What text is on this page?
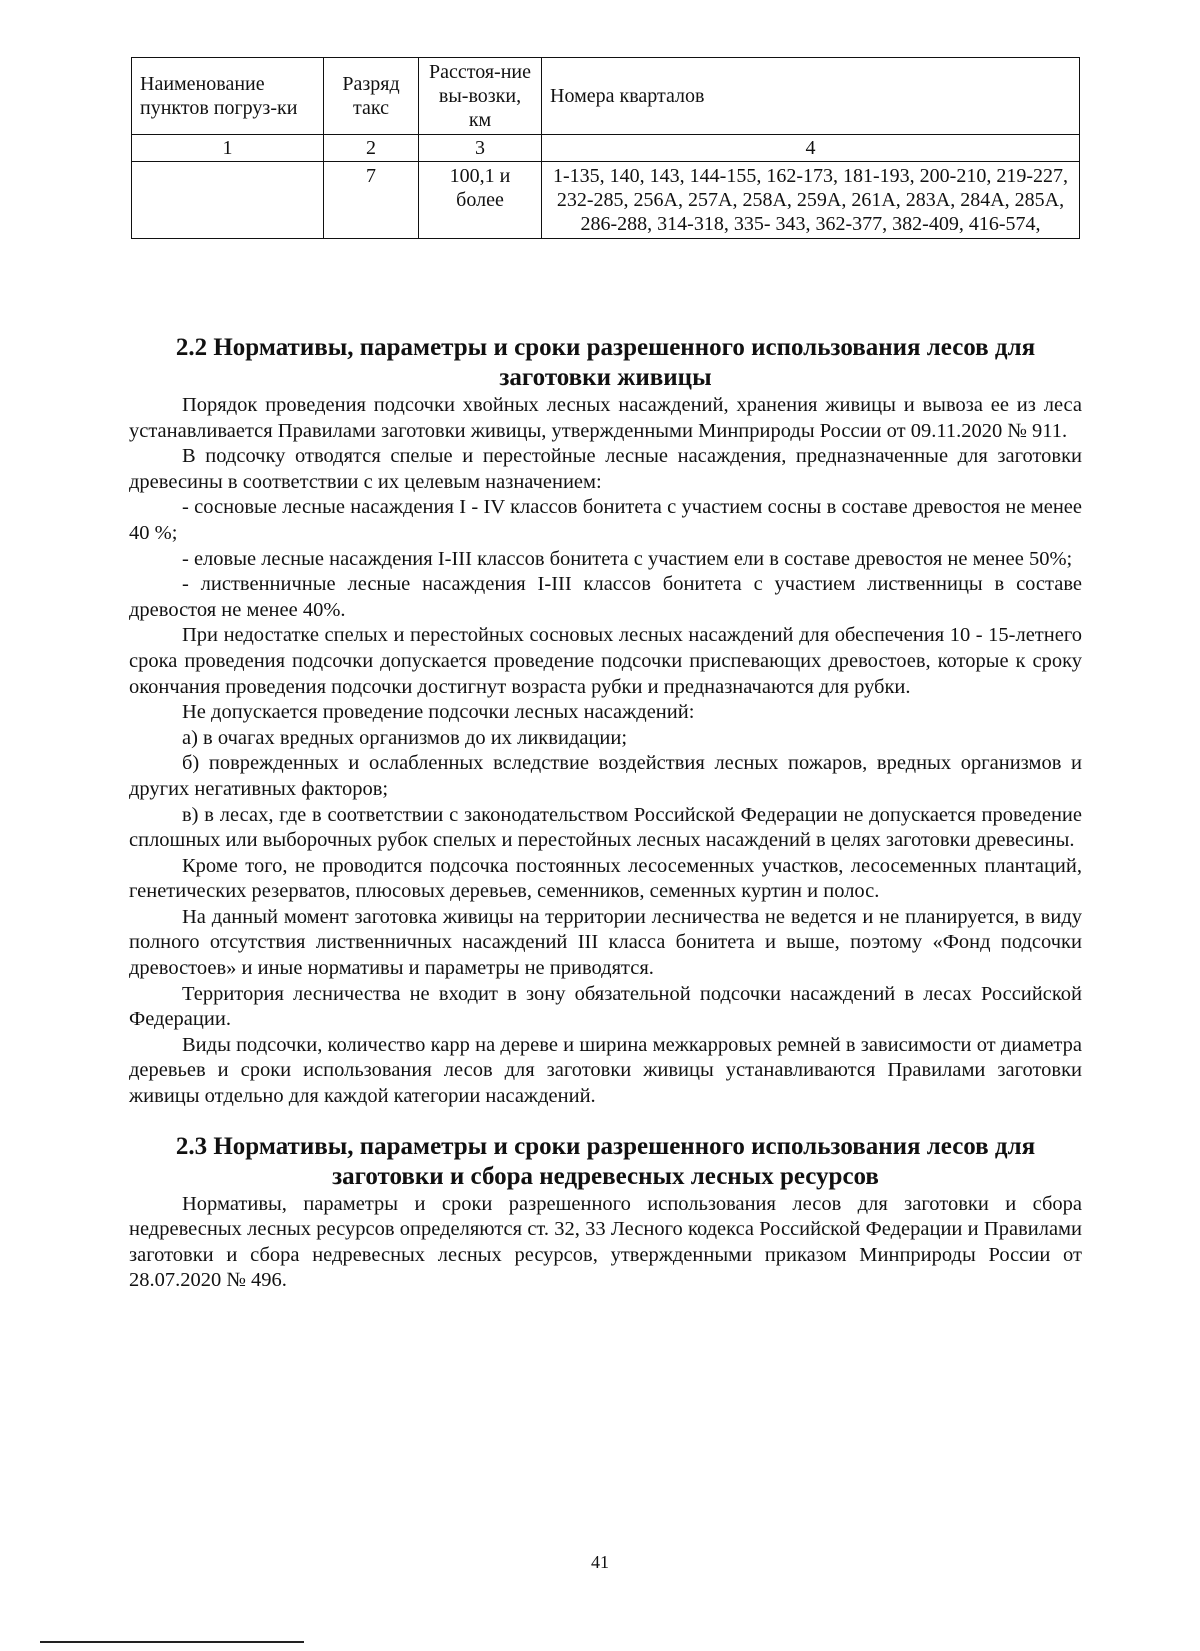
Наименование пунктов погруз-ки	Разряд такс	Расстоя-ние вы-возки, км	Номера кварталов
1	2	3	4
	7	100,1 и более	1-135, 140, 143, 144-155, 162-173, 181-193, 200-210, 219-227, 232-285, 256А, 257А, 258А, 259А, 261А, 283А, 284А, 285А, 286-288, 314-318, 335- 343, 362-377, 382-409, 416-574,
2.2 Нормативы, параметры и сроки разрешенного использования лесов для заготовки живицы

Порядок проведения подсочки хвойных лесных насаждений, хранения живицы и вывоза ее из леса устанавливается Правилами заготовки живицы, утвержденными Минприроды России от 09.11.2020 № 911.

В подсочку отводятся спелые и перестойные лесные насаждения, предназначенные для заготовки древесины в соответствии с их целевым назначением:

- сосновые лесные насаждения I - IV классов бонитета с участием сосны в составе древостоя не менее 40 %;

- еловые лесные насаждения I-III классов бонитета с участием ели в составе древостоя не менее 50%;

- лиственничные лесные насаждения I-III классов бонитета с участием лиственницы в составе древостоя не менее 40%.

При недостатке спелых и перестойных сосновых лесных насаждений для обеспечения 10 - 15-летнего срока проведения подсочки допускается проведение подсочки приспевающих древостоев, которые к сроку окончания проведения подсочки достигнут возраста рубки и предназначаются для рубки.

Не допускается проведение подсочки лесных насаждений:

а) в очагах вредных организмов до их ликвидации;

б) поврежденных и ослабленных вследствие воздействия лесных пожаров, вредных организмов и других негативных факторов;

в) в лесах, где в соответствии с законодательством Российской Федерации не допускается проведение сплошных или выборочных рубок спелых и перестойных лесных насаждений в целях заготовки древесины.

Кроме того, не проводится подсочка постоянных лесосеменных участков, лесосеменных плантаций, генетических резерватов, плюсовых деревьев, семенников, семенных куртин и полос.

На данный момент заготовка живицы на территории лесничества не ведется и не планируется, в виду полного отсутствия лиственничных насаждений III класса бонитета и выше, поэтому «Фонд подсочки древостоев» и иные нормативы и параметры не приводятся.

Территория лесничества не входит в зону обязательной подсочки насаждений в лесах Российской Федерации.

Виды подсочки, количество карр на дереве и ширина межкарровых ремней в зависимости от диаметра деревьев и сроки использования лесов для заготовки живицы устанавливаются Правилами заготовки живицы отдельно для каждой категории насаждений.

2.3 Нормативы, параметры и сроки разрешенного использования лесов для заготовки и сбора недревесных лесных ресурсов

Нормативы, параметры и сроки разрешенного использования лесов для заготовки и сбора недревесных лесных ресурсов определяются ст. 32, 33 Лесного кодекса Российской Федерации и Правилами заготовки и сбора недревесных лесных ресурсов, утвержденными приказом Минприроды России от 28.07.2020 № 496.

41
